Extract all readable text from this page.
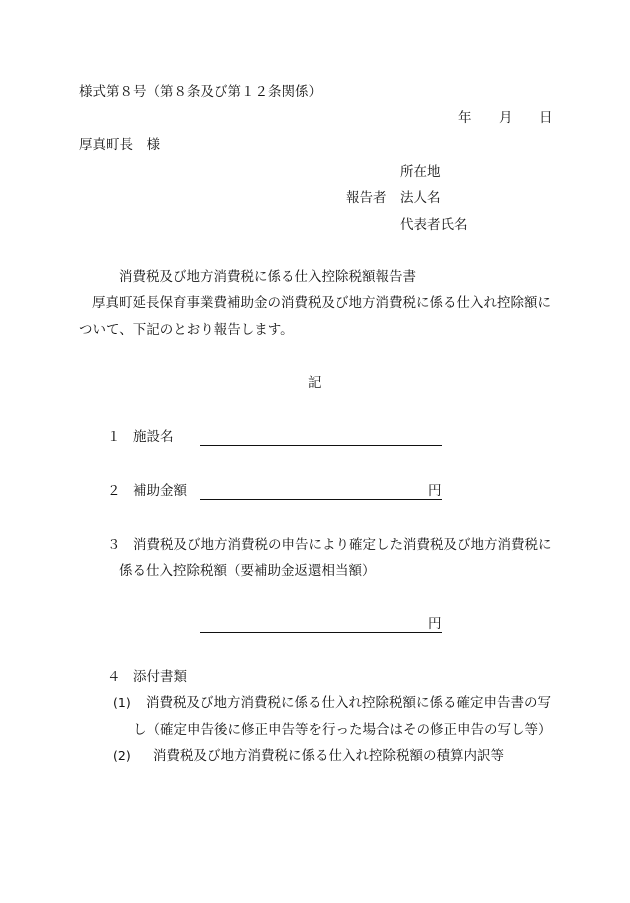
様式第８号（第８条及び第１２条関係）
年 月 日
厚真町長　様
所在地
報告者 法人名
代表者氏名
消費税及び地方消費税に係る仕入控除税額報告書
厚真町延長保育事業費補助金の消費税及び地方消費税に係る仕入れ控除額に
ついて、下記のとおり報告します。
記
１ 施設名
２ 補助金額	円
３ 消費税及び地方消費税の申告により確定した消費税及び地方消費税に
係る仕入控除税額（要補助金返還相当額）
円
４ 添付書類
(1) 消費税及び地方消費税に係る仕入れ控除税額に係る確定申告書の写
し（確定申告後に修正申告等を行った場合はその修正申告の写し等）
(2) 消費税及び地方消費税に係る仕入れ控除税額の積算内訳等
